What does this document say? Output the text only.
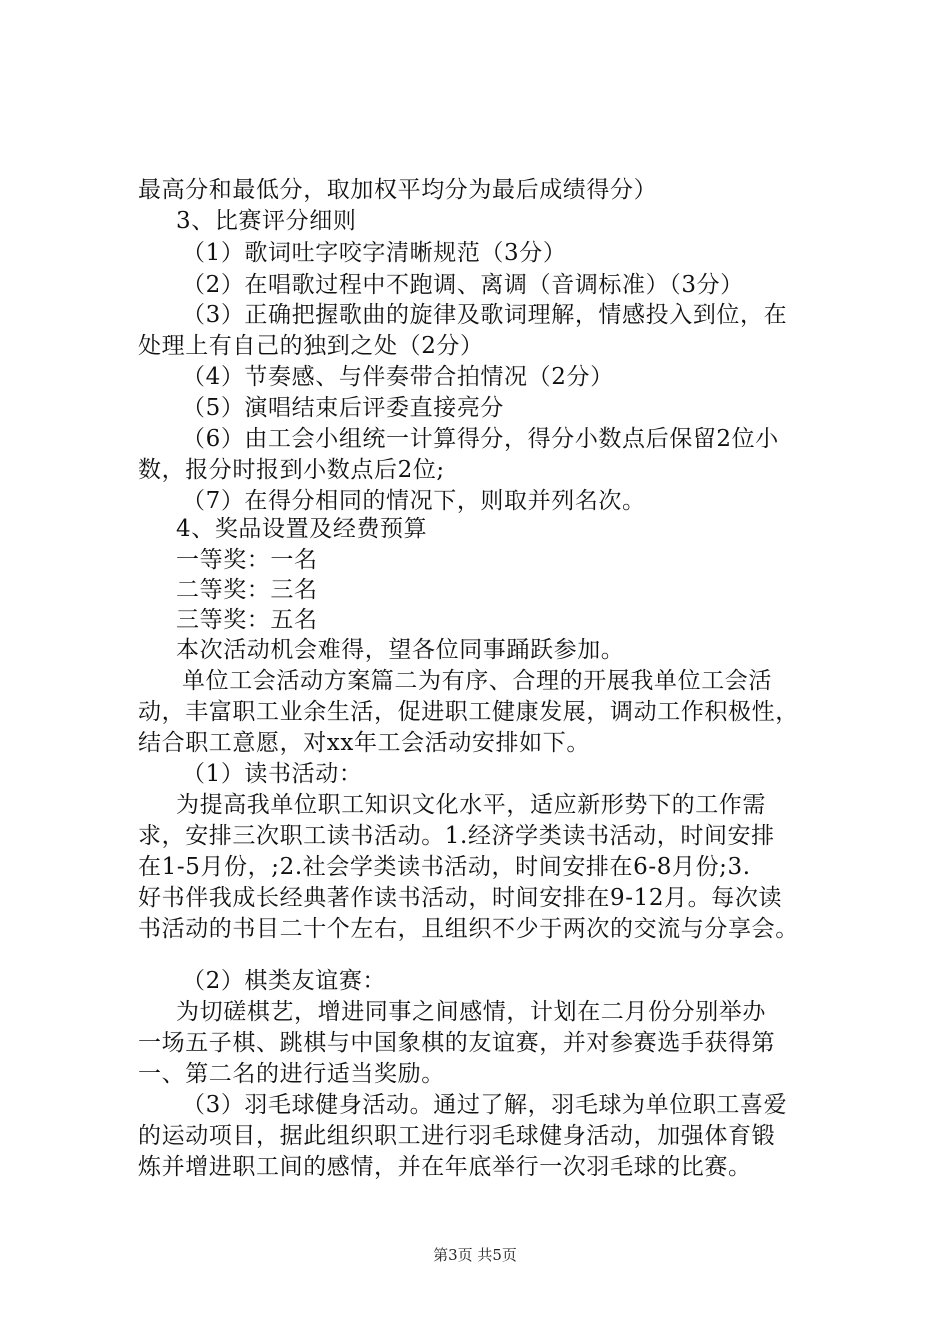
最高分和最低分，取加权平均分为最后成绩得分）
3、比赛评分细则
（1）歌词吐字咬字清晰规范（3分）
（2）在唱歌过程中不跑调、离调（音调标准）（3分）
（3）正确把握歌曲的旋律及歌词理解，情感投入到位，在
处理上有自己的独到之处（2分）
（4）节奏感、与伴奏带合拍情况（2分）
（5）演唱结束后评委直接亮分
（6）由工会小组统一计算得分，得分小数点后保留2位小
数，报分时报到小数点后2位;
（7）在得分相同的情况下，则取并列名次。
4、奖品设置及经费预算
一等奖：一名
二等奖：三名
三等奖：五名
本次活动机会难得，望各位同事踊跃参加。
单位工会活动方案篇二为有序、合理的开展我单位工会活
动，丰富职工业余生活，促进职工健康发展，调动工作积极性，
结合职工意愿，对xx年工会活动安排如下。
（1）读书活动：
为提高我单位职工知识文化水平，适应新形势下的工作需
求，安排三次职工读书活动。1.经济学类读书活动，时间安排
在1-5月份，;2.社会学类读书活动，时间安排在6-8月份;3.
好书伴我成长经典著作读书活动，时间安排在9-12月。每次读
书活动的书目二十个左右，且组织不少于两次的交流与分享会。
（2）棋类友谊赛：
为切磋棋艺，增进同事之间感情，计划在二月份分别举办
一场五子棋、跳棋与中国象棋的友谊赛，并对参赛选手获得第
一、第二名的进行适当奖励。
（3）羽毛球健身活动。通过了解，羽毛球为单位职工喜爱
的运动项目，据此组织职工进行羽毛球健身活动，加强体育锻
炼并增进职工间的感情，并在年底举行一次羽毛球的比赛。
第3页 共5页
